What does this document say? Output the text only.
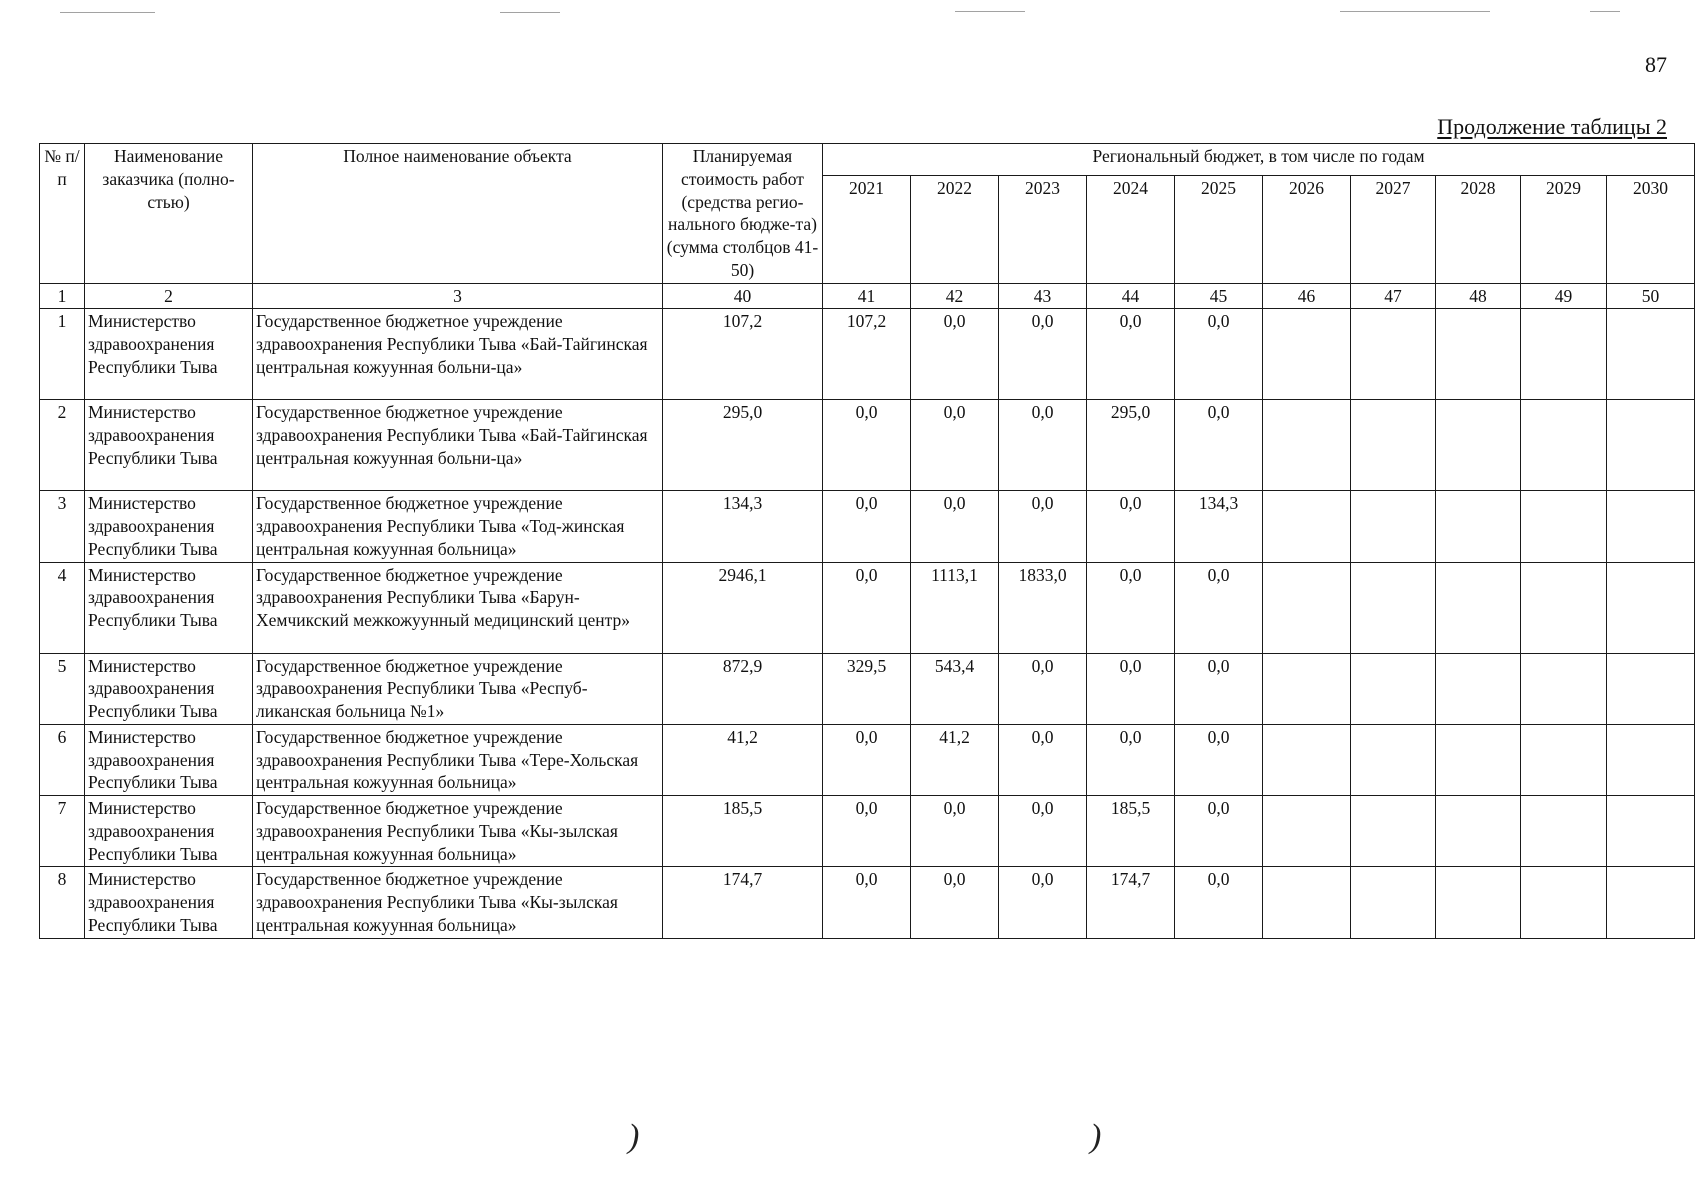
87
Продолжение таблицы 2
№ п/п	Наименование заказчика (полно-стью)	Полное наименование объекта	Планируемая стоимость работ (средства регио-нального бюдже-та) (сумма столбцов 41-50)	Региональный бюджет, в том числе по годам									
				2021	2022	2023	2024	2025	2026	2027	2028	2029	2030
1	2	3	40	41	42	43	44	45	46	47	48	49	50
1	Министерство здравоохранения Республики Тыва	Государственное бюджетное учреждение здравоохранения Республики Тыва «Бай-Тайгинская центральная кожуунная больни-ца»	107,2	107,2	0,0	0,0	0,0	0,0					
2	Министерство здравоохранения Республики Тыва	Государственное бюджетное учреждение здравоохранения Республики Тыва «Бай-Тайгинская центральная кожуунная больни-ца»	295,0	0,0	0,0	0,0	295,0	0,0					
3	Министерство здравоохранения Республики Тыва	Государственное бюджетное учреждение здравоохранения Республики Тыва «Тод-жинская центральная кожуунная больница»	134,3	0,0	0,0	0,0	0,0	134,3					
4	Министерство здравоохранения Республики Тыва	Государственное бюджетное учреждение здравоохранения Республики Тыва «Барун-Хемчикский межкожуунный медицинский центр»	2946,1	0,0	1113,1	1833,0	0,0	0,0					
5	Министерство здравоохранения Республики Тыва	Государственное бюджетное учреждение здравоохранения Республики Тыва «Респуб-ликанская больница №1»	872,9	329,5	543,4	0,0	0,0	0,0					
6	Министерство здравоохранения Республики Тыва	Государственное бюджетное учреждение здравоохранения Республики Тыва «Тере-Хольская центральная кожуунная больница»	41,2	0,0	41,2	0,0	0,0	0,0					
7	Министерство здравоохранения Республики Тыва	Государственное бюджетное учреждение здравоохранения Республики Тыва «Кы-зылская центральная кожуунная больница»	185,5	0,0	0,0	0,0	185,5	0,0					
8	Министерство здравоохранения Республики Тыва	Государственное бюджетное учреждение здравоохранения Республики Тыва «Кы-зылская центральная кожуунная больница»	174,7	0,0	0,0	0,0	174,7	0,0					
)	)
